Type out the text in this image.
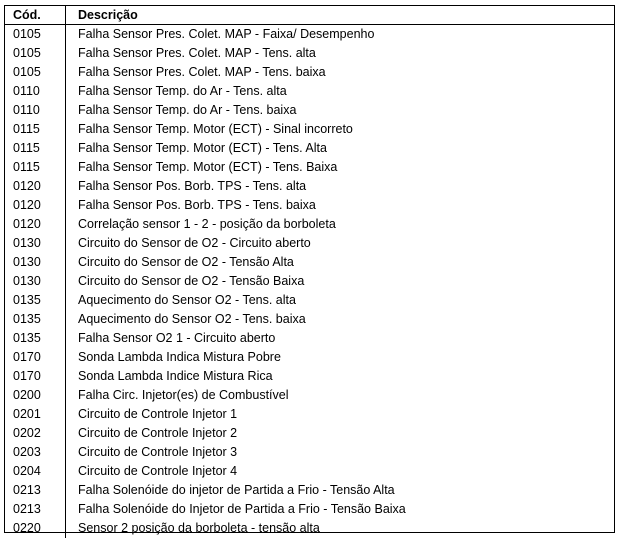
Cód.	Descrição
0105	Falha Sensor Pres. Colet. MAP - Faixa/ Desempenho
0105	Falha Sensor Pres. Colet. MAP - Tens. alta
0105	Falha Sensor Pres. Colet. MAP - Tens. baixa
0110	Falha Sensor Temp. do Ar - Tens. alta
0110	Falha Sensor Temp. do Ar - Tens. baixa
0115	Falha Sensor Temp. Motor (ECT) - Sinal incorreto
0115	Falha Sensor Temp. Motor (ECT) - Tens. Alta
0115	Falha Sensor Temp. Motor (ECT) - Tens. Baixa
0120	Falha Sensor Pos. Borb. TPS - Tens. alta
0120	Falha Sensor Pos. Borb. TPS - Tens. baixa
0120	Correlação sensor 1 - 2 - posição da borboleta
0130	Circuito do Sensor de O2 - Circuito aberto
0130	Circuito do Sensor de O2 - Tensão Alta
0130	Circuito do Sensor de O2 - Tensão Baixa
0135	Aquecimento do Sensor O2 - Tens. alta
0135	Aquecimento do Sensor O2 - Tens. baixa
0135	Falha Sensor O2 1 - Circuito aberto
0170	Sonda Lambda Indica Mistura Pobre
0170	Sonda Lambda Indice Mistura Rica
0200	Falha Circ. Injetor(es) de Combustível
0201	Circuito de Controle Injetor 1
0202	Circuito de Controle Injetor 2
0203	Circuito de Controle Injetor 3
0204	Circuito de Controle Injetor 4
0213	Falha Solenóide do injetor de Partida a Frio - Tensão Alta
0213	Falha Solenóide do Injetor de Partida a Frio - Tensão Baixa
0220	Sensor 2 posição da borboleta - tensão alta
